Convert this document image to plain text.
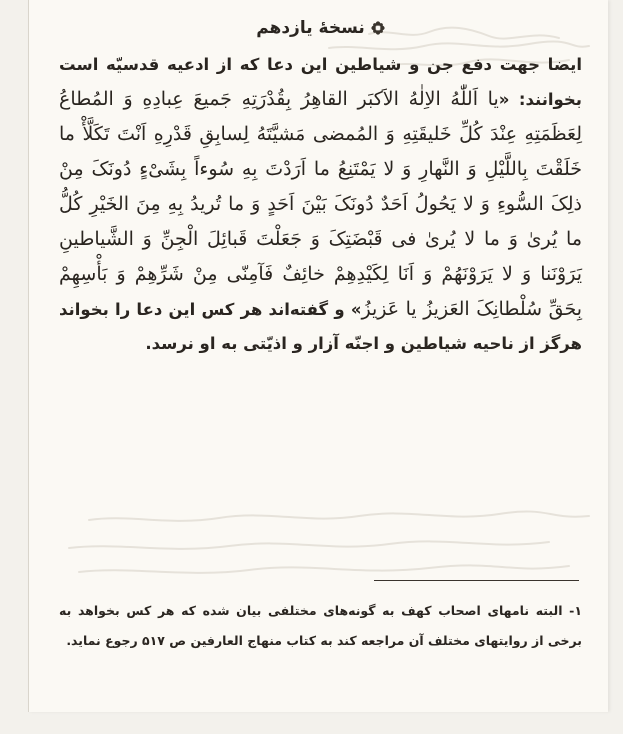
نسخهٔ یازدهم
ایضا جهت دفع جن و شیاطین این دعا که از ادعیه قدسیّه است بخوانند: «یا اَللّٰهُ الاِلٰهُ الاَکبَر القاهِرُ بِقُدْرَتِهِ جَمیعَ عِبادِهِ وَ المُطاعُ لِعَظَمَتِهِ عِنْدَ کُلِّ خَلیقَتِهِ وَ المُمضی مَشیَّتَهُ لِسابِقِ قَدْرِهِ اَنْتَ تَکَلَّأْ ما خَلَقْتَ بِاللَّیْلِ وَ النَّهارِ وَ لا یَمْتَنِعُ ما اَرَدْتَ بِهِ سُوءاً بِشَیْءٍ دُونَکَ مِنْ ذلِکَ السُّوءِ وَ لا یَحُولُ اَحَدٌ دُونَکَ بَیْنَ اَحَدٍ وَ ما تُریدُ بِهِ مِنَ الخَیْرِ کُلُّ ما یُریٰ وَ ما لا یُریٰ فی قَبْضَتِکَ وَ جَعَلْتَ قَبائِلَ الْجِنِّ وَ الشَّیاطینِ یَرَوْنَنا وَ لا یَرَوْنَهُمْ وَ اَنَا لِکَیْدِهِمْ خائِفٌ فَآمِنّی مِنْ شَرِّهِمْ وَ بَأْسِهِمْ بِحَقِّ سُلْطانِکَ العَزیزُ یا عَزیزُ» و گفته‌اند هر کس این دعا را بخواند هرگز از ناحیه شیاطین و اجنّه آزار و اذیّتی به او نرسد.
۱- البته نامهای اصحاب کهف به گونه‌های مختلفی بیان شده که هر کس بخواهد به برخی از روایتهای مختلف آن مراجعه کند به کتاب منهاج العارفین ص ۵۱۷ رجوع نماید.
